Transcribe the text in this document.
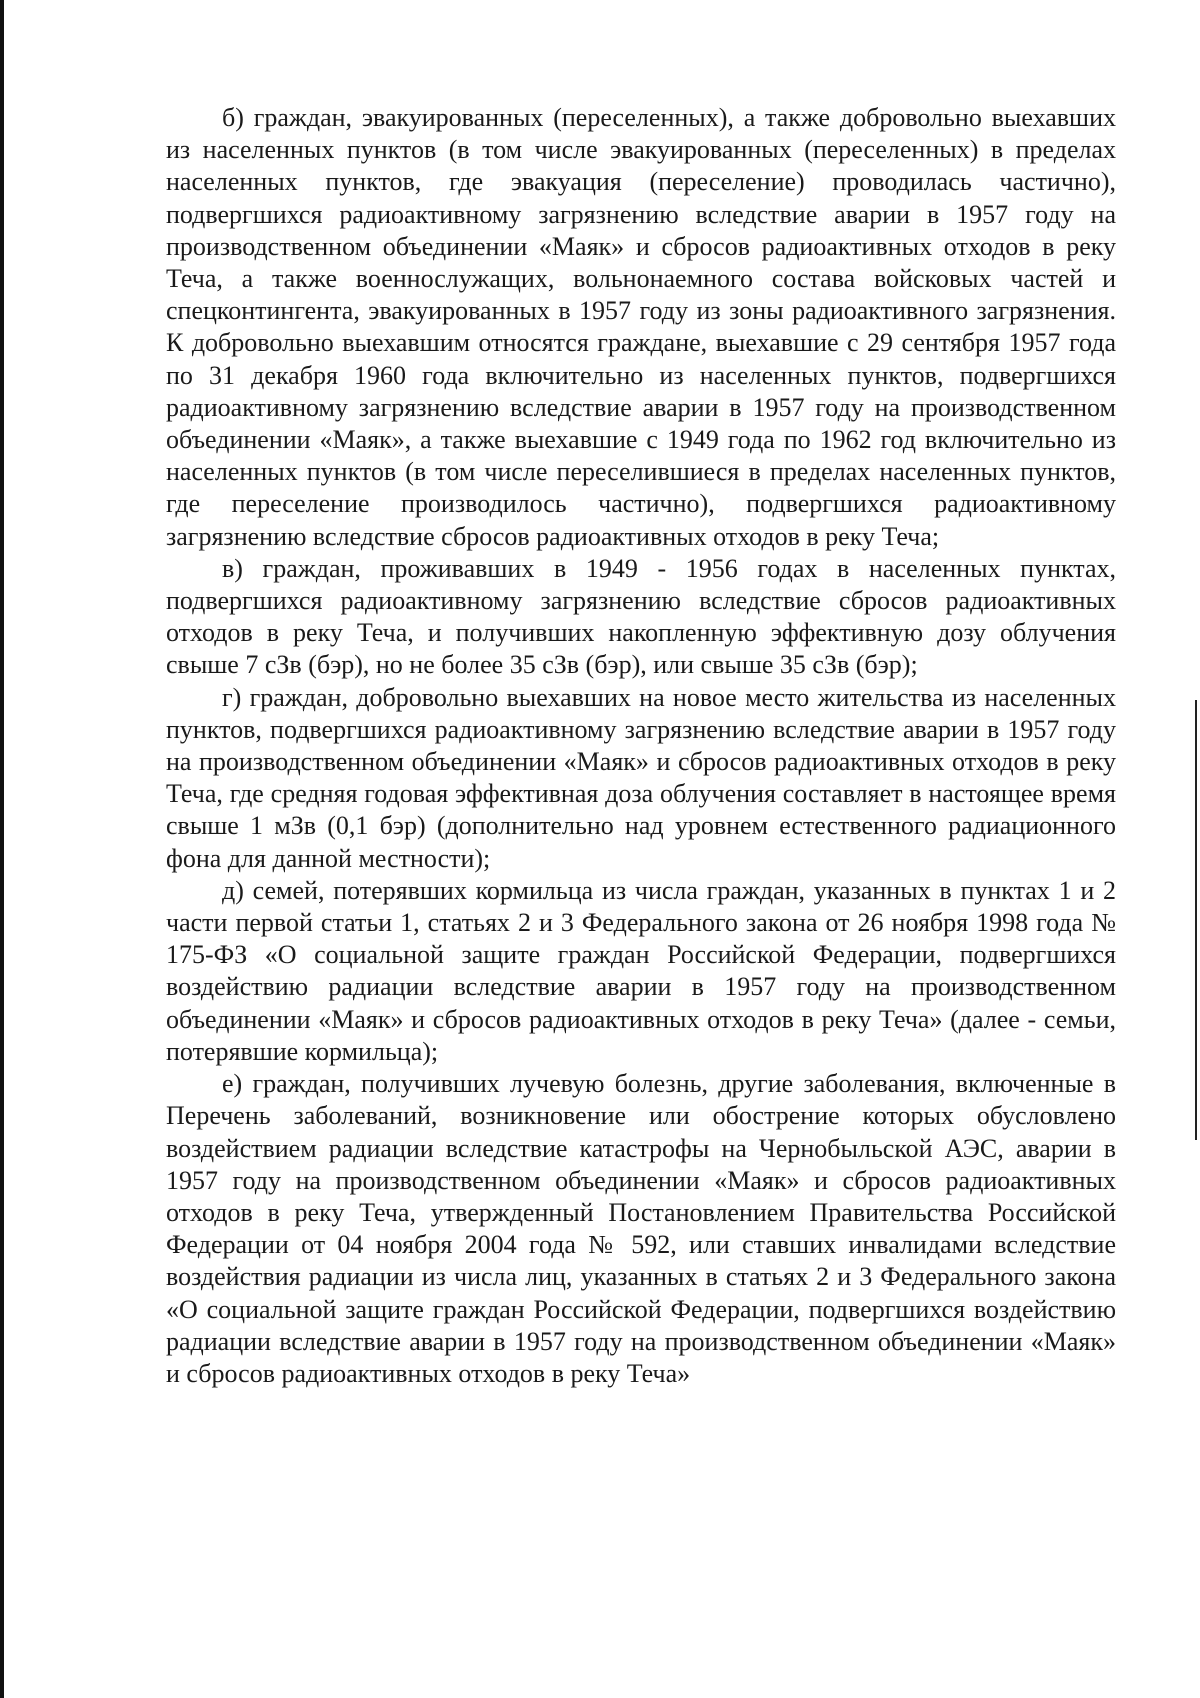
б) граждан, эвакуированных (переселенных), а также добровольно выехавших из населенных пунктов (в том числе эвакуированных (переселенных) в пределах населенных пунктов, где эвакуация (переселение) проводилась частично), подвергшихся радиоактивному загрязнению вследствие аварии в 1957 году на производственном объединении «Маяк» и сбросов радиоактивных отходов в реку Теча, а также военнослужащих, вольнонаемного состава войсковых частей и спецконтингента, эвакуированных в 1957 году из зоны радиоактивного загрязнения. К добровольно выехавшим относятся граждане, выехавшие с 29 сентября 1957 года по 31 декабря 1960 года включительно из населенных пунктов, подвергшихся радиоактивному загрязнению вследствие аварии в 1957 году на производственном объединении «Маяк», а также выехавшие с 1949 года по 1962 год включительно из населенных пунктов (в том числе переселившиеся в пределах населенных пунктов, где переселение производилось частично), подвергшихся радиоактивному загрязнению вследствие сбросов радиоактивных отходов в реку Теча;

в) граждан, проживавших в 1949 - 1956 годах в населенных пунктах, подвергшихся радиоактивному загрязнению вследствие сбросов радиоактивных отходов в реку Теча, и получивших накопленную эффективную дозу облучения свыше 7 сЗв (бэр), но не более 35 сЗв (бэр), или свыше 35 сЗв (бэр);

г) граждан, добровольно выехавших на новое место жительства из населенных пунктов, подвергшихся радиоактивному загрязнению вследствие аварии в 1957 году на производственном объединении «Маяк» и сбросов радиоактивных отходов в реку Теча, где средняя годовая эффективная доза облучения составляет в настоящее время свыше 1 мЗв (0,1 бэр) (дополнительно над уровнем естественного радиационного фона для данной местности);

д) семей, потерявших кормильца из числа граждан, указанных в пунктах 1 и 2 части первой статьи 1, статьях 2 и 3 Федерального закона от 26 ноября 1998 года № 175-ФЗ «О социальной защите граждан Российской Федерации, подвергшихся воздействию радиации вследствие аварии в 1957 году на производственном объединении «Маяк» и сбросов радиоактивных отходов в реку Теча» (далее - семьи, потерявшие кормильца);

е) граждан, получивших лучевую болезнь, другие заболевания, включенные в Перечень заболеваний, возникновение или обострение которых обусловлено воздействием радиации вследствие катастрофы на Чернобыльской АЭС, аварии в 1957 году на производственном объединении «Маяк» и сбросов радиоактивных отходов в реку Теча, утвержденный Постановлением Правительства Российской Федерации от 04 ноября 2004 года № 592, или ставших инвалидами вследствие воздействия радиации из числа лиц, указанных в статьях 2 и 3 Федерального закона «О социальной защите граждан Российской Федерации, подвергшихся воздействию радиации вследствие аварии в 1957 году на производственном объединении «Маяк» и сбросов радиоактивных отходов в реку Теча»
